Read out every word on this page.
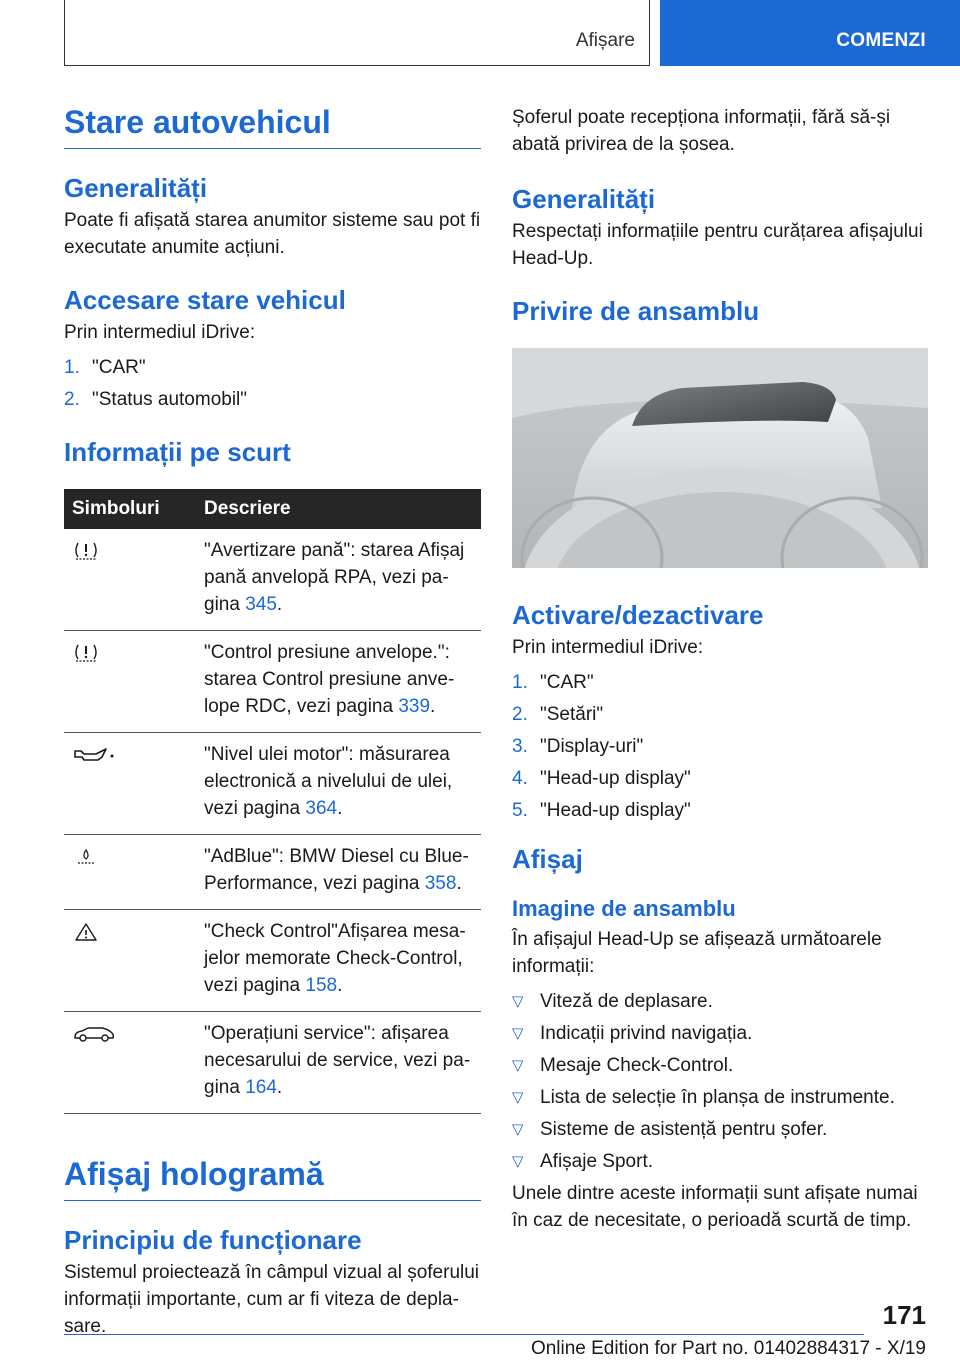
Afișare	COMENZI
Stare autovehicul
Generalități

Poate fi afișată starea anumitor sisteme sau pot fi executate anumite acțiuni.

Accesare stare vehicul

Prin intermediul iDrive:

1. "CAR"
2. "Status automobil"
Informații pe scurt
Simboluri	Descriere
	"Avertizare pană": starea Afișaj pană anvelopă RPA, vezi pagina 345.
	"Control presiune anvelope.": starea Control presiune anvelope RDC, vezi pagina 339.
	"Nivel ulei motor": măsurarea electronică a nivelului de ulei, vezi pagina 364.
	"AdBlue": BMW Diesel cu BluePerformance, vezi pagina 358.
	"Check Control"Afișarea mesajelor memorate Check-Control, vezi pagina 158.
	"Operațiuni service": afișarea necesarului de service, vezi pagina 164.
Afișaj hologramă
Principiu de funcționare

Sistemul proiectează în câmpul vizual al șoferului informații importante, cum ar fi viteza de deplasare.

Șoferul poate recepționa informații, fără să-și abată privirea de la șosea.

Generalități

Respectați informațiile pentru curățarea afișajului Head-Up.

Privire de ansamblu
Activare/dezactivare

Prin intermediul iDrive:

1. "CAR"
2. "Setări"
3. "Display-uri"
4. "Head-up display"
5. "Head-up display"
Afișaj
Imagine de ansamblu

În afișajul Head-Up se afișează următoarele informații:

▽ Viteză de deplasare.
▽ Indicații privind navigația.
▽ Mesaje Check-Control.
▽ Lista de selecție în planșa de instrumente.
▽ Sisteme de asistență pentru șofer.
▽ Afișaje Sport.

Unele dintre aceste informații sunt afișate numai în caz de necesitate, o perioadă scurtă de timp.

171
Online Edition for Part no. 01402884317 - X/19
